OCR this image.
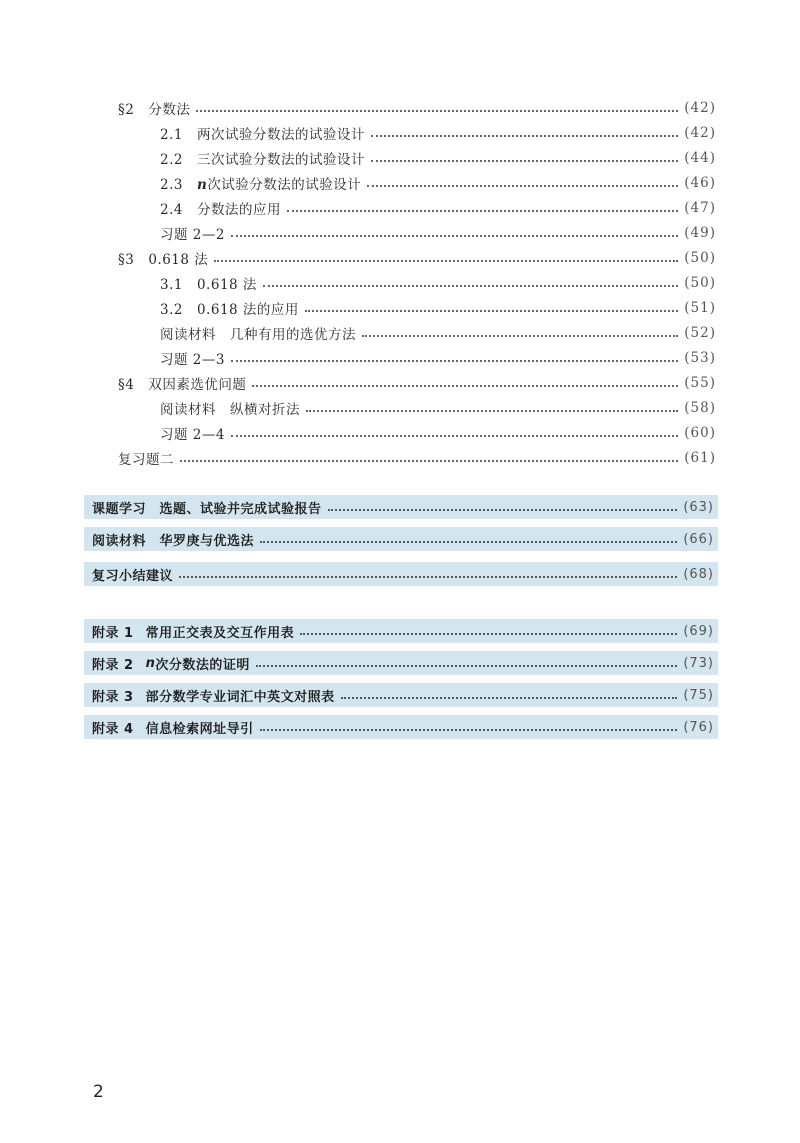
§2　分数法	(42)
2.1　两次试验分数法的试验设计	(42)
2.2　三次试验分数法的试验设计	(44)
2.3　n次试验分数法的试验设计	(46)
2.4　分数法的应用	(47)
习题 2—2	(49)
§3　0.618 法	(50)
3.1　0.618 法	(50)
3.2　0.618 法的应用	(51)
阅读材料　几种有用的选优方法	(52)
习题 2—3	(53)
§4　双因素选优问题	(55)
阅读材料　纵横对折法	(58)
习题 2—4	(60)
复习题二	(61)
课题学习　选题、试验并完成试验报告	(63)
阅读材料　华罗庚与优选法	(66)
复习小结建议	(68)
附录 1 常用正交表及交互作用表	(69)
附录 2 n 次分数法的证明	(73)
附录 3 部分数学专业词汇中英文对照表	(75)
附录 4 信息检索网址导引	(76)
2
